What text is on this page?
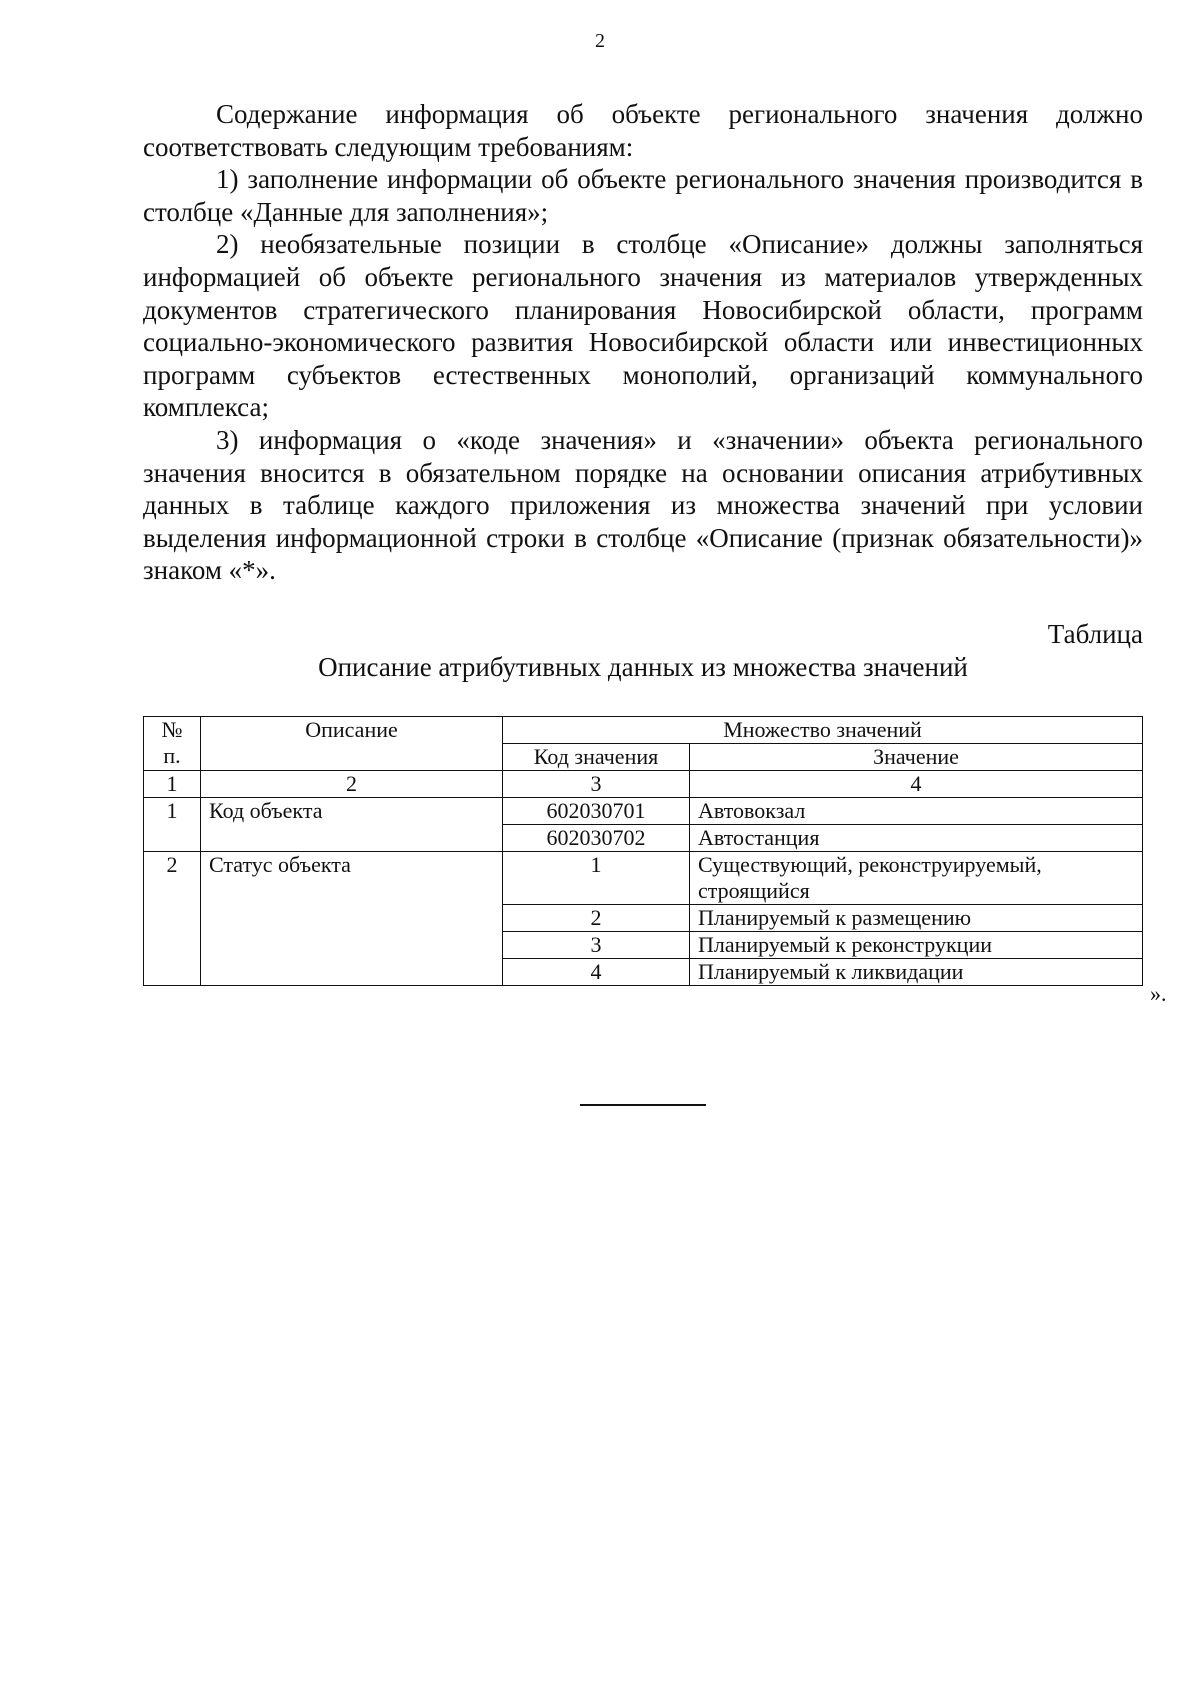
2

Содержание информация об объекте регионального значения должно соответствовать следующим требованиям:

1) заполнение информации об объекте регионального значения производится в столбце «Данные для заполнения»;

2) необязательные позиции в столбце «Описание» должны заполняться информацией об объекте регионального значения из материалов утвержденных документов стратегического планирования Новосибирской области, программ социально-экономического развития Новосибирской области или инвестиционных программ субъектов естественных монополий, организаций коммунального комплекса;

3) информация о «коде значения» и «значении» объекта регионального значения вносится в обязательном порядке на основании описания атрибутивных данных в таблице каждого приложения из множества значений при условии выделения информационной строки в столбце «Описание (признак обязательности)» знаком «*».

Таблица
Описание атрибутивных данных из множества значений
№ п.	Описание	Множество значений	
		Код значения	Значение
1	2	3	4
1	Код объекта	602030701	Автовокзал
		602030702	Автостанция
2	Статус объекта	1	Существующий, реконструируемый, строящийся
		2	Планируемый к размещению
		3	Планируемый к реконструкции
		4	Планируемый к ликвидации
».
